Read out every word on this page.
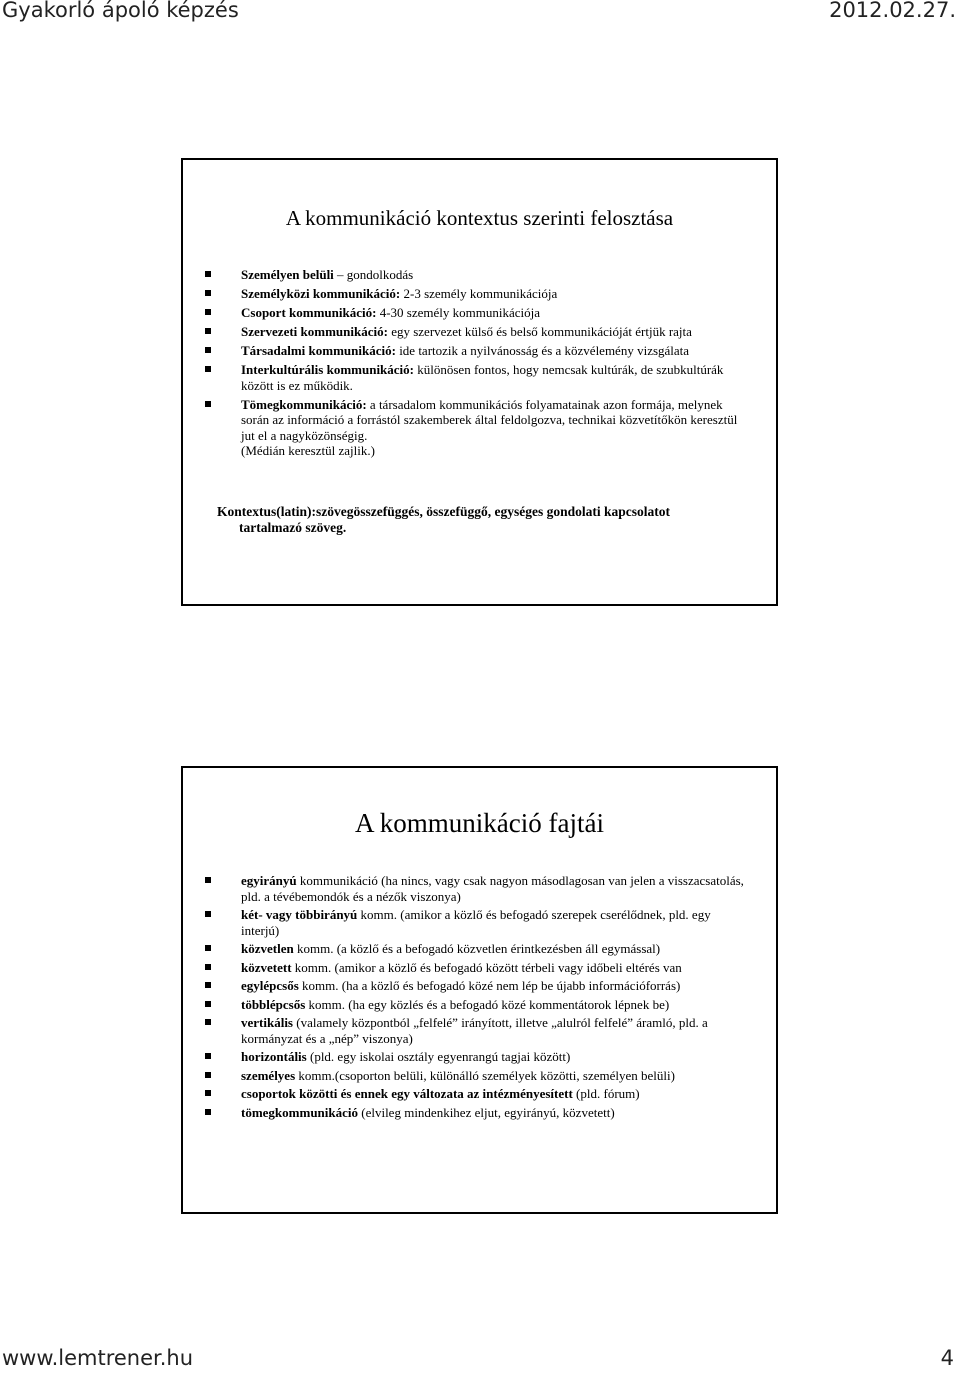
Gyakorló ápoló képzés	2012.02.27.
A kommunikáció kontextus szerinti felosztása
Személyen belüli – gondolkodás
Személyközi kommunikáció: 2-3 személy kommunikációja
Csoport kommunikáció: 4-30 személy kommunikációja
Szervezeti kommunikáció: egy szervezet külső és belső kommunikációját értjük rajta
Társadalmi kommunikáció: ide tartozik a nyilvánosság és a közvélemény vizsgálata
Interkultúrális kommunikáció: különösen fontos, hogy nemcsak kultúrák, de szubkultúrák között is ez működik.
Tömegkommunikáció: a társadalom kommunikációs folyamatainak azon formája, melynek során az információ a forrástól szakemberek által feldolgozva, technikai közvetítőkön keresztül jut el a nagyközönségig.
(Médián keresztül zajlik.)
Kontextus(latin):szövegösszefüggés, összefüggő, egységes gondolati kapcsolatot
tartalmazó szöveg.
A kommunikáció fajtái
egyirányú kommunikáció (ha nincs, vagy csak nagyon másodlagosan van jelen a visszacsatolás, pld. a tévébemondók és a nézők viszonya)
két- vagy többirányú komm. (amikor a közlő és befogadó szerepek cserélődnek, pld. egy interjú)
közvetlen komm. (a közlő és a befogadó közvetlen érintkezésben áll egymással)
közvetett komm. (amikor a közlő és befogadó között térbeli vagy időbeli eltérés van
egylépcsős komm. (ha a közlő és befogadó közé nem lép be újabb információforrás)
többlépcsős komm. (ha egy közlés és a befogadó közé kommentátorok lépnek be)
vertikális (valamely központból „felfelé” irányított, illetve „alulról felfelé” áramló, pld. a kormányzat és a „nép” viszonya)
horizontális (pld. egy iskolai osztály egyenrangú tagjai között)
személyes komm.(csoporton belüli, különálló személyek közötti, személyen belüli)
csoportok közötti és ennek egy változata az intézményesített (pld. fórum)
tömegkommunikáció (elvileg mindenkihez eljut, egyirányú, közvetett)
www.lemtrener.hu	4
